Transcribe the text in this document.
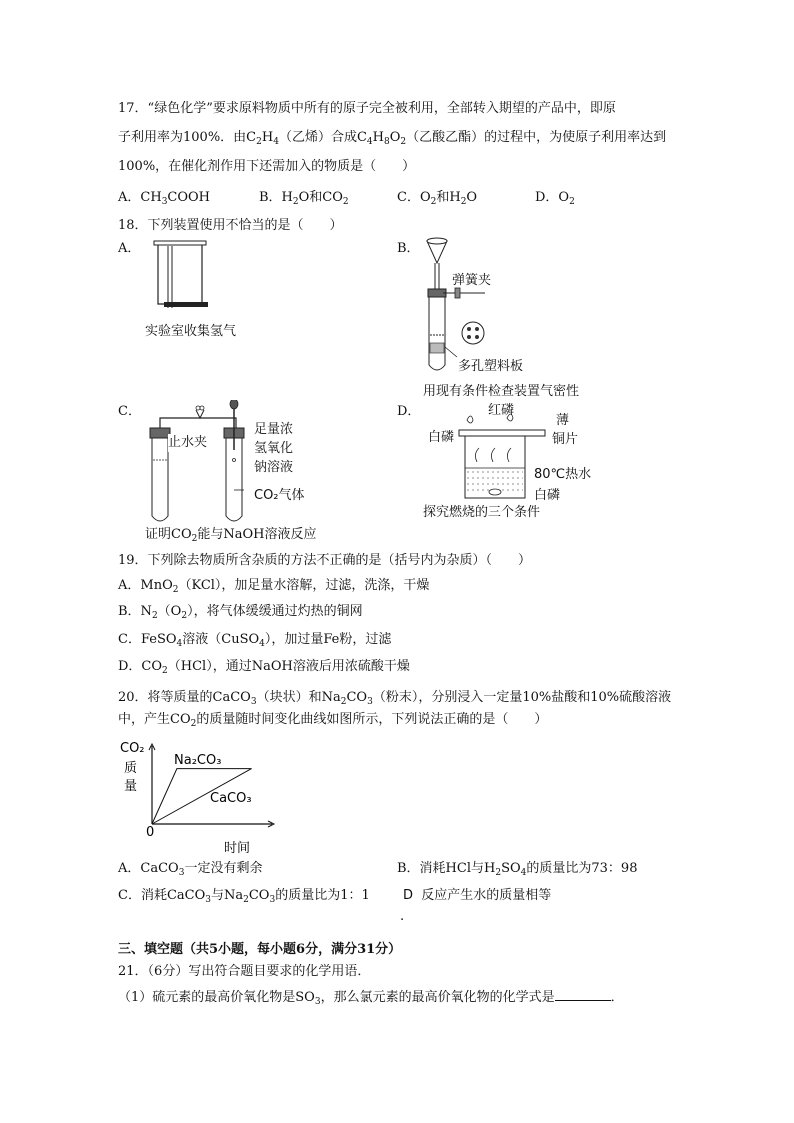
17．“绿色化学”要求原料物质中所有的原子完全被利用，全部转入期望的产品中，即原
子利用率为100%．由$C_2H_4$（乙烯）合成$C_4H_8O_2$（乙酸乙酯）的过程中，为使原子利用率达到
100%，在催化剂作用下还需加入的物质是（　　）
A．$CH_3COOH$	B．$H_2O$和$CO_2$	C．$O_2$和$H_2O$	D．$O_2$
18．下列装置使用不恰当的是（　　）
A．
实验室收集氢气
B．
弹簧夹
多孔塑料板
用现有条件检查装置气密性
C．
止水夹
足量浓
氢氧化
钠溶液
CO₂气体
证明$CO_2$能与NaOH溶液反应
D．	红磷
白磷
薄
铜片
80℃热水
白磷
探究燃烧的三个条件
19．下列除去物质所含杂质的方法不正确的是（括号内为杂质）（　　）
A．MnO$_2$（KCl），加足量水溶解，过滤，洗涤，干燥
B．$N_2(O_2)$，将气体缓缓通过灼热的铜网
C．FeSO$_4$溶液（CuSO$_4$），加过量Fe粉，过滤
D．$CO_2(HCl)$，通过NaOH溶液后用浓硫酸干燥
20．将等质量的CaCO$_3$（块状）和$Na_2CO_3$（粉末），分别浸入一定量10%盐酸和10%硫酸溶液
中，产生$CO_2$的质量随时间变化曲线如图所示，下列说法正确的是（　　）
CO₂
质
量
0
时间
Na₂CO₃
CaCO₃
A．CaCO$_3$一定没有剩余	B．消耗HCl与$H_2SO_4$的质量比为73：98
C．消耗CaCO$_3$与$Na_2CO_3$的质量比为1：1	D 反应产生水的质量相等
.
三、填空题（共5小题，每小题6分，满分31分）
21．（6分）写出符合题目要求的化学用语．
（1）硫元素的最高价氧化物是$SO_3$，那么氯元素的最高价氧化物的化学式是	．
